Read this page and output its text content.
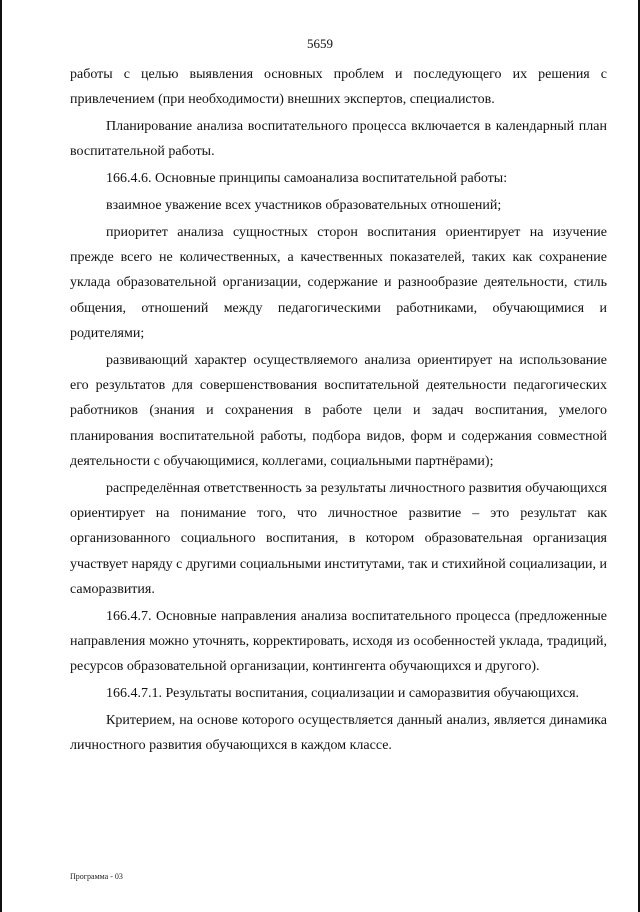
5659

работы с целью выявления основных проблем и последующего их решения с привлечением (при необходимости) внешних экспертов, специалистов.

Планирование анализа воспитательного процесса включается в календарный план воспитательной работы.

166.4.6. Основные принципы самоанализа воспитательной работы:

взаимное уважение всех участников образовательных отношений;

приоритет анализа сущностных сторон воспитания ориентирует на изучение прежде всего не количественных, а качественных показателей, таких как сохранение уклада образовательной организации, содержание и разнообразие деятельности, стиль общения, отношений между педагогическими работниками, обучающимися и родителями;

развивающий характер осуществляемого анализа ориентирует на использование его результатов для совершенствования воспитательной деятельности педагогических работников (знания и сохранения в работе цели и задач воспитания, умелого планирования воспитательной работы, подбора видов, форм и содержания совместной деятельности с обучающимися, коллегами, социальными партнёрами);

распределённая ответственность за результаты личностного развития обучающихся ориентирует на понимание того, что личностное развитие – это результат как организованного социального воспитания, в котором образовательная организация участвует наряду с другими социальными институтами, так и стихийной социализации, и саморазвития.

166.4.7. Основные направления анализа воспитательного процесса (предложенные направления можно уточнять, корректировать, исходя из особенностей уклада, традиций, ресурсов образовательной организации, контингента обучающихся и другого).

166.4.7.1. Результаты воспитания, социализации и саморазвития обучающихся.

Критерием, на основе которого осуществляется данный анализ, является динамика личностного развития обучающихся в каждом классе.

Программа - 03
